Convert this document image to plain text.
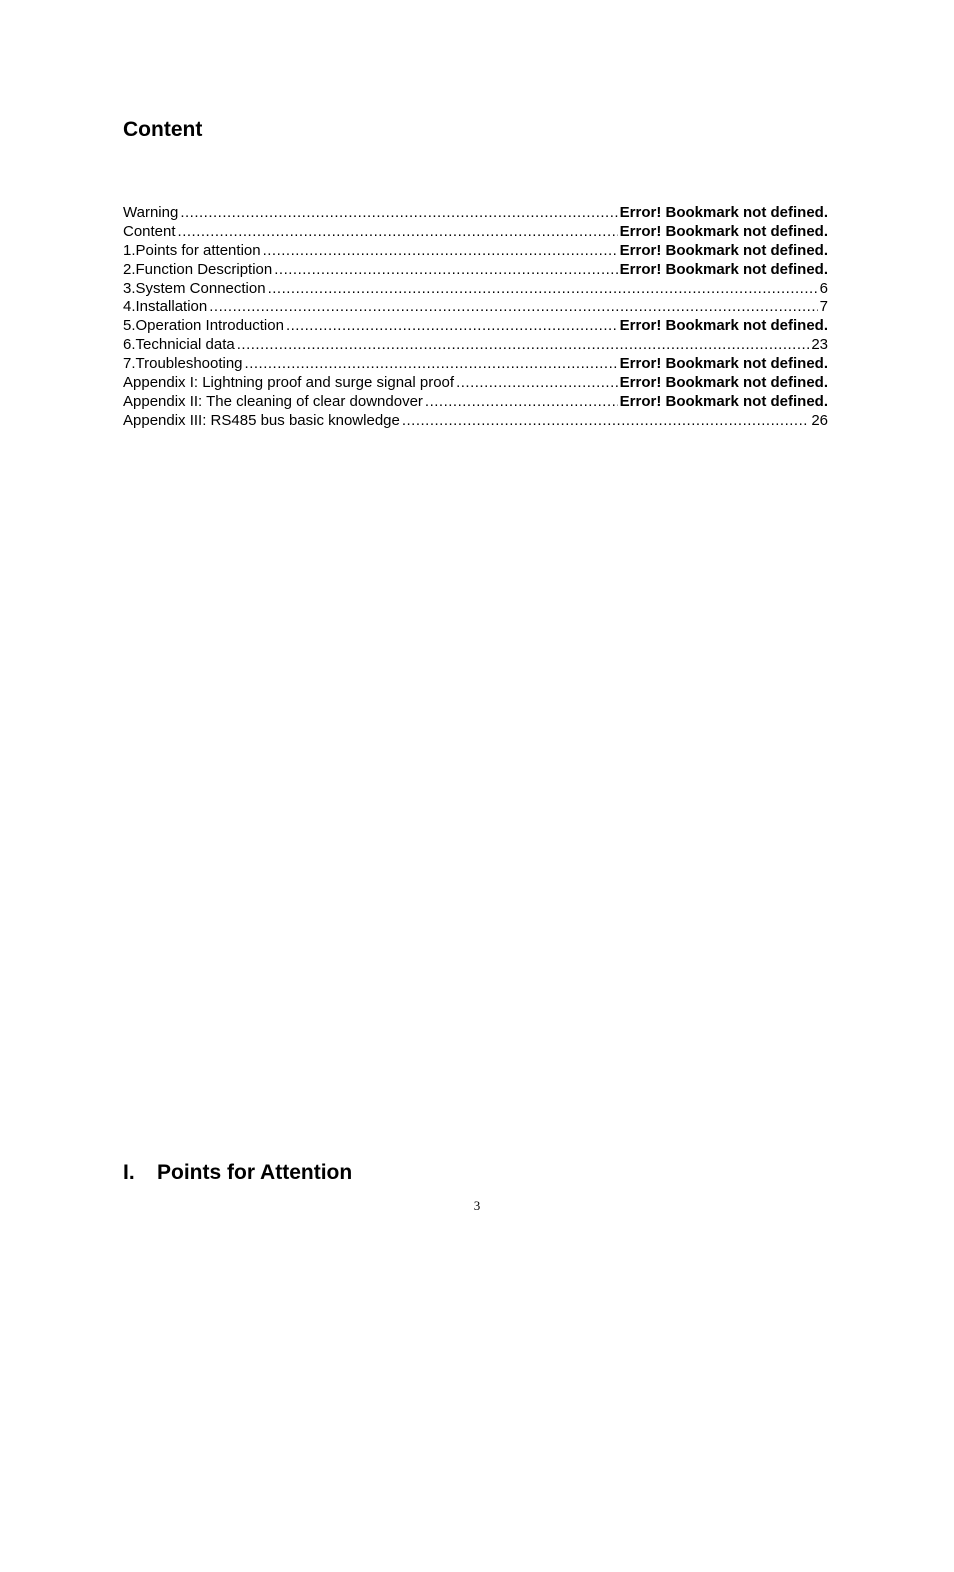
Content
Warning .....	Error! Bookmark not defined.
Content .....	Error! Bookmark not defined.
1.Points for attention .....	Error! Bookmark not defined.
2.Function Description .....	Error! Bookmark not defined.
3.System Connection .....	6
4.Installation .....	7
5.Operation Introduction .....	Error! Bookmark not defined.
6.Technicial data .....	23
7.Troubleshooting .....	Error! Bookmark not defined.
Appendix I: Lightning proof and surge signal proof .....	Error! Bookmark not defined.
Appendix II: The cleaning of clear downdover .....	Error! Bookmark not defined.
Appendix III: RS485 bus basic knowledge .....	26
I.	Points for Attention
3
